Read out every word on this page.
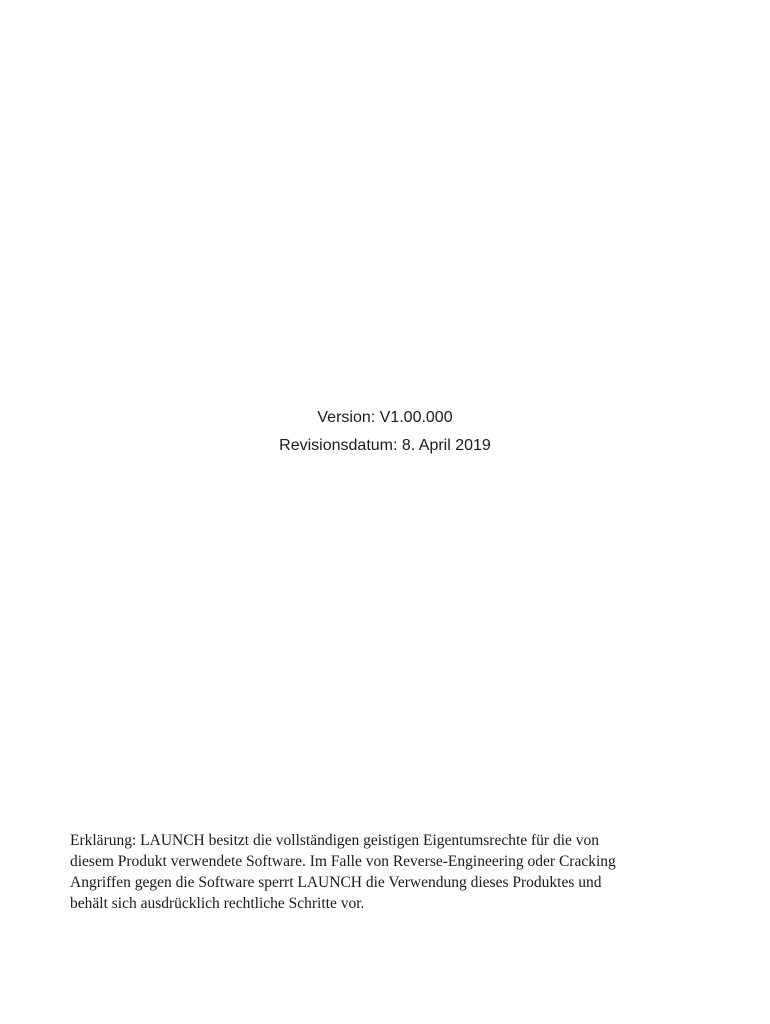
Version: V1.00.000
Revisionsdatum: 8. April 2019
Erklärung: LAUNCH besitzt die vollständigen geistigen Eigentumsrechte für die von
diesem Produkt verwendete Software. Im Falle von Reverse-Engineering oder Cracking
Angriffen gegen die Software sperrt LAUNCH die Verwendung dieses Produktes und
behält sich ausdrücklich rechtliche Schritte vor.
